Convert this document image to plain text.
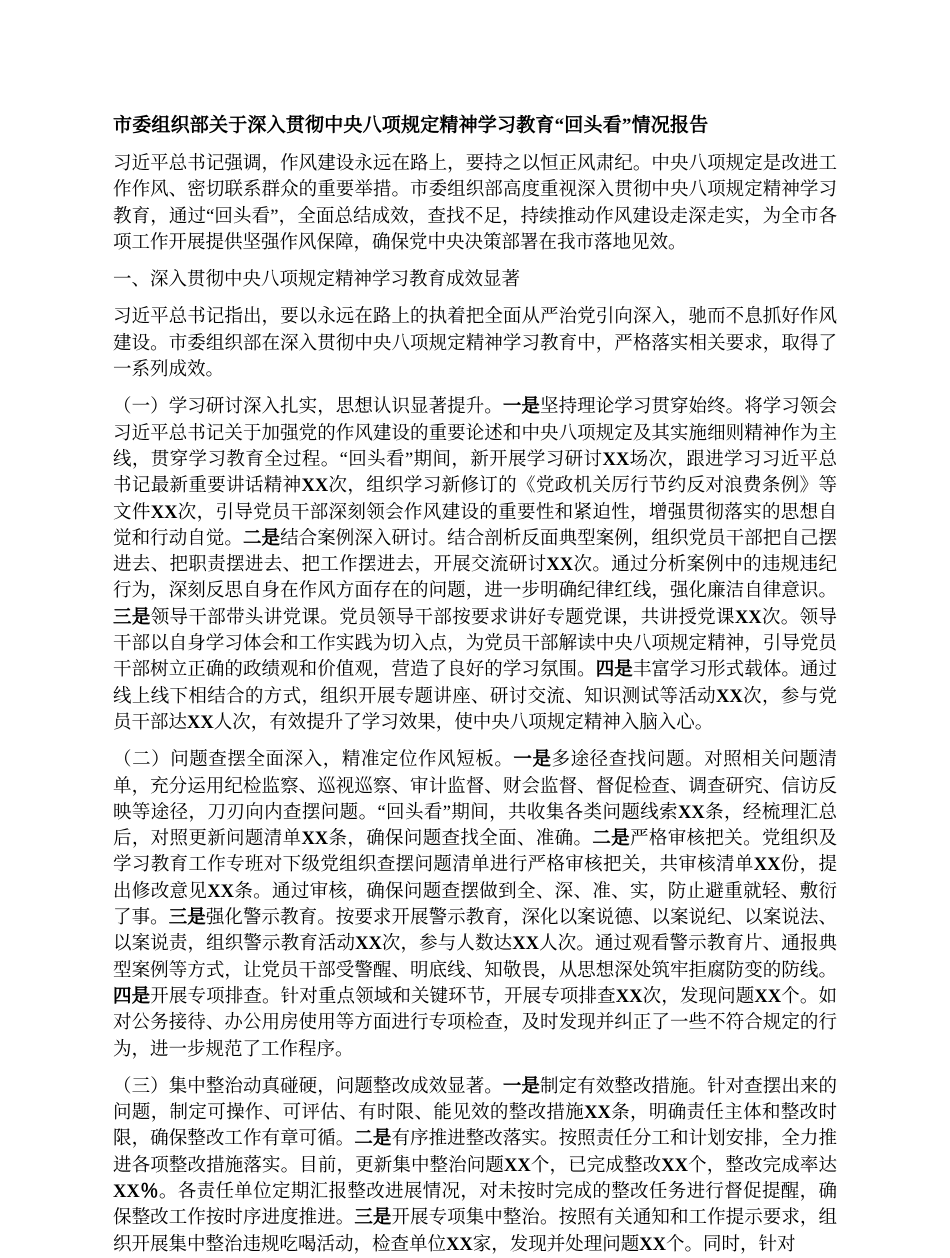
市委组织部关于深入贯彻中央八项规定精神学习教育“回头看”情况报告

习近平总书记强调，作风建设永远在路上，要持之以恒正风肃纪。中央八项规定是改进工作作风、密切联系群众的重要举措。市委组织部高度重视深入贯彻中央八项规定精神学习教育，通过“回头看”，全面总结成效，查找不足，持续推动作风建设走深走实，为全市各项工作开展提供坚强作风保障，确保党中央决策部署在我市落地见效。

一、深入贯彻中央八项规定精神学习教育成效显著

习近平总书记指出，要以永远在路上的执着把全面从严治党引向深入，驰而不息抓好作风建设。市委组织部在深入贯彻中央八项规定精神学习教育中，严格落实相关要求，取得了一系列成效。

（一）学习研讨深入扎实，思想认识显著提升。一是坚持理论学习贯穿始终。将学习领会习近平总书记关于加强党的作风建设的重要论述和中央八项规定及其实施细则精神作为主线，贯穿学习教育全过程。“回头看”期间，新开展学习研讨XX场次，跟进学习习近平总书记最新重要讲话精神XX次，组织学习新修订的《党政机关厉行节约反对浪费条例》等文件XX次，引导党员干部深刻领会作风建设的重要性和紧迫性，增强贯彻落实的思想自觉和行动自觉。二是结合案例深入研讨。结合剖析反面典型案例，组织党员干部把自己摆进去、把职责摆进去、把工作摆进去，开展交流研讨XX次。通过分析案例中的违规违纪行为，深刻反思自身在作风方面存在的问题，进一步明确纪律红线，强化廉洁自律意识。三是领导干部带头讲党课。党员领导干部按要求讲好专题党课，共讲授党课XX次。领导干部以自身学习体会和工作实践为切入点，为党员干部解读中央八项规定精神，引导党员干部树立正确的政绩观和价值观，营造了良好的学习氛围。四是丰富学习形式载体。通过线上线下相结合的方式，组织开展专题讲座、研讨交流、知识测试等活动XX次，参与党员干部达XX人次，有效提升了学习效果，使中央八项规定精神入脑入心。

（二）问题查摆全面深入，精准定位作风短板。一是多途径查找问题。对照相关问题清单，充分运用纪检监察、巡视巡察、审计监督、财会监督、督促检查、调查研究、信访反映等途径，刀刃向内查摆问题。“回头看”期间，共收集各类问题线索XX条，经梳理汇总后，对照更新问题清单XX条，确保问题查找全面、准确。二是严格审核把关。党组织及学习教育工作专班对下级党组织查摆问题清单进行严格审核把关，共审核清单XX份，提出修改意见XX条。通过审核，确保问题查摆做到全、深、准、实，防止避重就轻、敷衍了事。三是强化警示教育。按要求开展警示教育，深化以案说德、以案说纪、以案说法、以案说责，组织警示教育活动XX次，参与人数达XX人次。通过观看警示教育片、通报典型案例等方式，让党员干部受警醒、明底线、知敬畏，从思想深处筑牢拒腐防变的防线。四是开展专项排查。针对重点领域和关键环节，开展专项排查XX次，发现问题XX个。如对公务接待、办公用房使用等方面进行专项检查，及时发现并纠正了一些不符合规定的行为，进一步规范了工作程序。

（三）集中整治动真碰硬，问题整改成效显著。一是制定有效整改措施。针对查摆出来的问题，制定可操作、可评估、有时限、能见效的整改措施XX条，明确责任主体和整改时限，确保整改工作有章可循。二是有序推进整改落实。按照责任分工和计划安排，全力推进各项整改措施落实。目前，更新集中整治问题XX个，已完成整改XX个，整改完成率达XX％。各责任单位定期汇报整改进展情况，对未按时完成的整改任务进行督促提醒，确保整改工作按时序进度推进。三是开展专项集中整治。按照有关通知和工作提示要求，组织开展集中整治违规吃喝活动，检查单位XX家，发现并处理问题XX个。同时，针对
